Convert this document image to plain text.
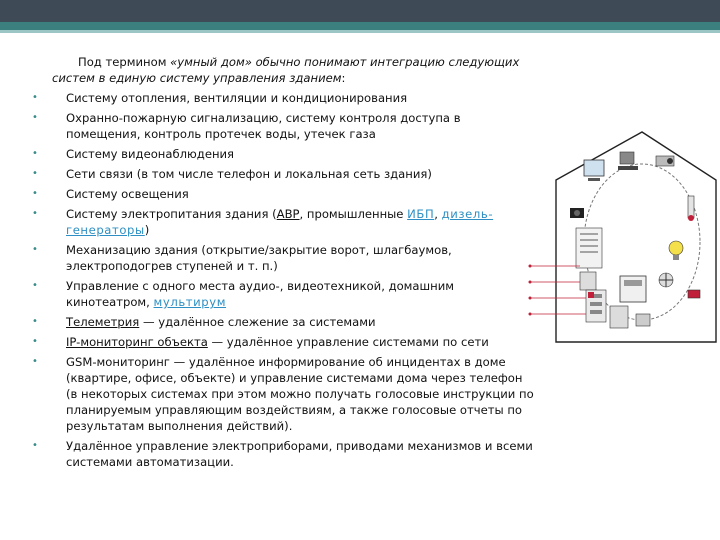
Под термином «умный дом» обычно понимают интеграцию следующих систем в единую систему управления зданием:

• Систему отопления, вентиляции и кондиционирования
• Охранно-пожарную сигнализацию, систему контроля доступа в помещения, контроль протечек воды, утечек газа
• Систему видеонаблюдения
• Сети связи (в том числе телефон и локальная сеть здания)
• Систему освещения
• Систему электропитания здания (АВР, промышленные ИБП, дизель-генераторы)
• Механизацию здания (открытие/закрытие ворот, шлагбаумов, электроподогрев ступеней и т. п.)
• Управление с одного места аудио-, видеотехникой, домашним кинотеатром, мультирум
• Телеметрия — удалённое слежение за системами
• IP-мониторинг объекта — удалённое управление системами по сети
• GSM-мониторинг — удалённое информирование об инцидентах в доме (квартире, офисе, объекте) и управление системами дома через телефон (в некоторых системах при этом можно получать голосовые инструкции по планируемым управляющим воздействиям, а также голосовые отчеты по результатам выполнения действий).
• Удалённое управление электроприборами, приводами механизмов и всеми системами автоматизации.
